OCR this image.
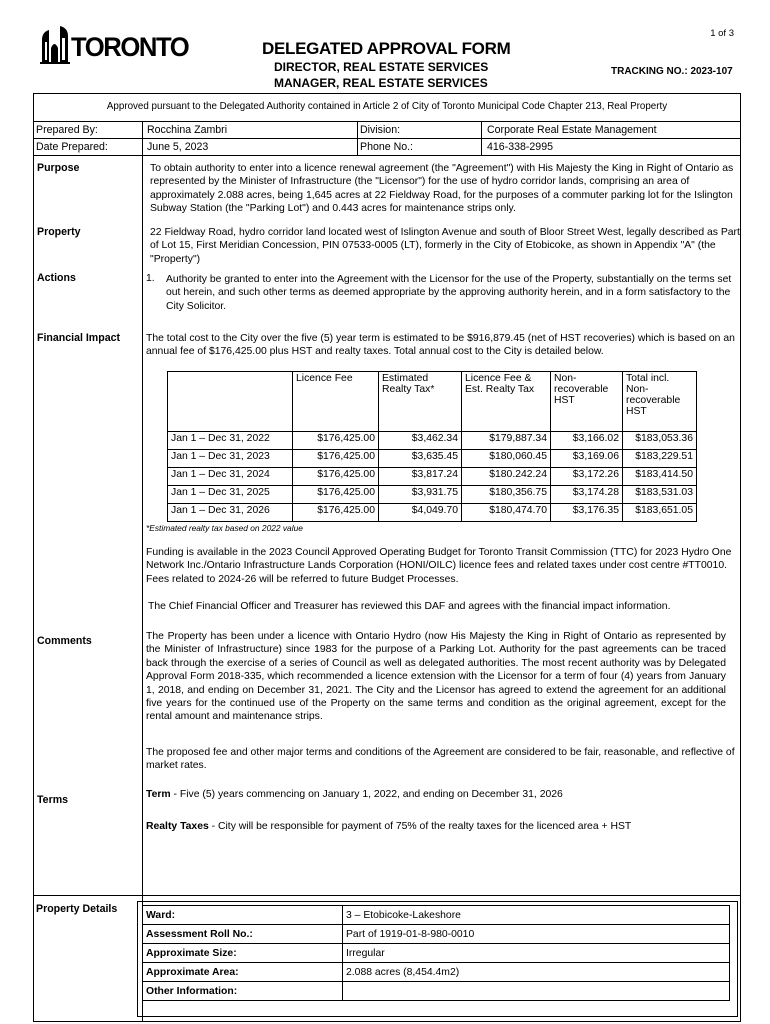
1 of 3
TORONTO	DELEGATED APPROVAL FORM
DIRECTOR, REAL ESTATE SERVICES
MANAGER, REAL ESTATE SERVICES
TRACKING NO.: 2023-107
Approved pursuant to the Delegated Authority contained in Article 2 of City of Toronto Municipal Code Chapter 213, Real Property
Prepared By:	Rocchina Zambri	Division:	Corporate Real Estate Management
Date Prepared:	June 5, 2023	Phone No.:	416-338-2995
Purpose	To obtain authority to enter into a licence renewal agreement (the "Agreement") with His Majesty the King in Right of Ontario as represented by the Minister of Infrastructure (the "Licensor") for the use of hydro corridor lands, comprising an area of approximately 2.088 acres, being 1,645 acres at 22 Fieldway Road, for the purposes of a commuter parking lot for the Islington Subway Station (the "Parking Lot") and 0.443 acres for maintenance strips only.
Property	22 Fieldway Road, hydro corridor land located west of Islington Avenue and south of Bloor Street West, legally described as Part of Lot 15, First Meridian Concession, PIN 07533-0005 (LT), formerly in the City of Etobicoke, as shown in Appendix "A" (the "Property")
Actions	1. Authority be granted to enter into the Agreement with the Licensor for the use of the Property, substantially on the terms set out herein, and such other terms as deemed appropriate by the approving authority herein, and in a form satisfactory to the City Solicitor.
Financial Impact The total cost to the City over the five (5) year term is estimated to be $916,879.45 (net of HST recoveries) which is based on an annual fee of $176,425.00 plus HST and realty taxes. Total annual cost to the City is detailed below.
	Licence Fee	Estimated Realty Tax*	Licence Fee & Est. Realty Tax	Non-recoverable HST	Total incl. Non-recoverable HST
Jan 1 – Dec 31, 2022	$176,425.00	$3,462.34	$179,887.34	$3,166.02	$183,053.36
Jan 1 – Dec 31, 2023	$176,425.00	$3,635.45	$180,060.45	$3,169.06	$183,229.51
Jan 1 – Dec 31, 2024	$176,425.00	$3,817.24	$180.242.24	$3,172.26	$183,414.50
Jan 1 – Dec 31, 2025	$176,425.00	$3,931.75	$180,356.75	$3,174.28	$183,531.03
Jan 1 – Dec 31, 2026	$176,425.00	$4,049.70	$180,474.70	$3,176.35	$183,651.05
*Estimated realty tax based on 2022 value
Funding is available in the 2023 Council Approved Operating Budget for Toronto Transit Commission (TTC) for 2023 Hydro One Network Inc./Ontario Infrastructure Lands Corporation (HONI/OILC) licence fees and related taxes under cost centre #TT0010. Fees related to 2024-26 will be referred to future Budget Processes.
The Chief Financial Officer and Treasurer has reviewed this DAF and agrees with the financial impact information.
Comments	The Property has been under a licence with Ontario Hydro (now His Majesty the King in Right of Ontario as represented by the Minister of Infrastructure) since 1983 for the purpose of a Parking Lot. Authority for the past agreements can be traced back through the exercise of a series of Council as well as delegated authorities. The most recent authority was by Delegated Approval Form 2018-335, which recommended a licence extension with the Licensor for a term of four (4) years from January 1, 2018, and ending on December 31, 2021. The City and the Licensor has agreed to extend the agreement for an additional five years for the continued use of the Property on the same terms and condition as the original agreement, except for the rental amount and maintenance strips.
The proposed fee and other major terms and conditions of the Agreement are considered to be fair, reasonable, and reflective of market rates.
Terms	Term - Five (5) years commencing on January 1, 2022, and ending on December 31, 2026
Realty Taxes - City will be responsible for payment of 75% of the realty taxes for the licenced area + HST
Property Details	Ward:	3 – Etobicoke-Lakeshore
Assessment Roll No.:	Part of 1919-01-8-980-0010
Approximate Size:	Irregular
Approximate Area:	2.088 acres (8,454.4m2)
Other Information:	
